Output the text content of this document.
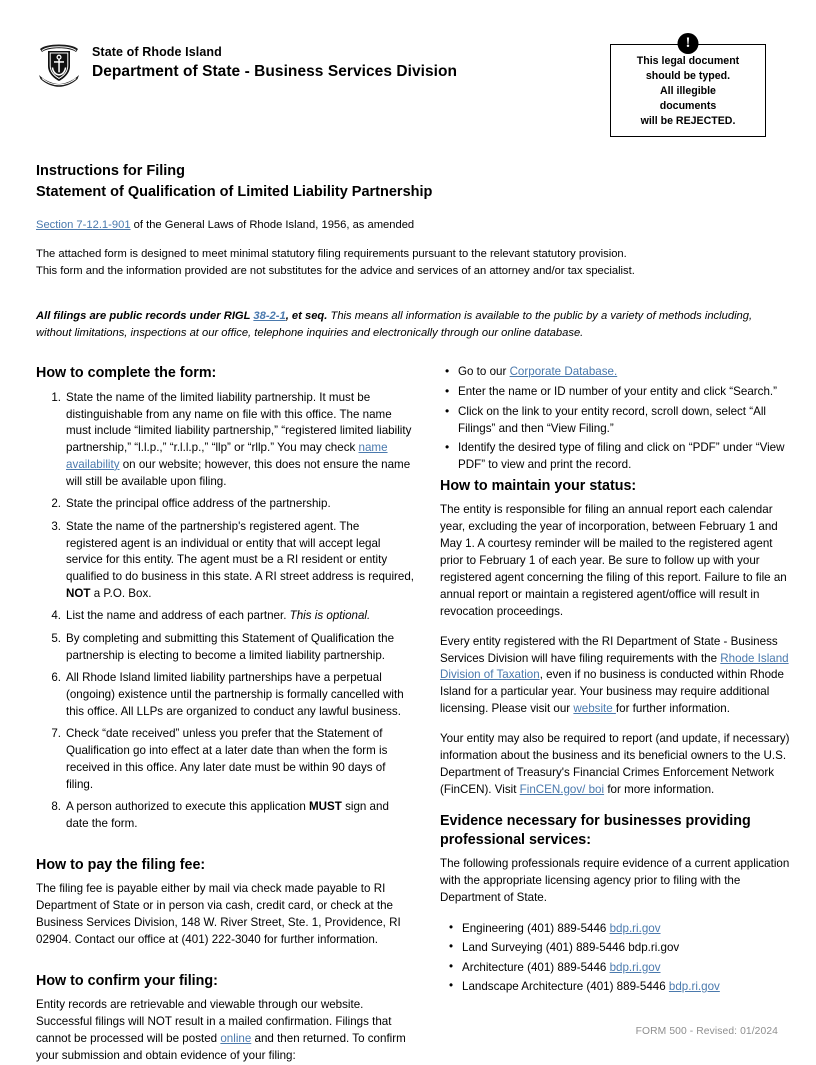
State of Rhode Island
Department of State - Business Services Division
!
This legal document
should be typed.
All illegible
documents
will be REJECTED.
Instructions for Filing
Statement of Qualification of Limited Liability Partnership
Section 7-12.1-901 of the General Laws of Rhode Island, 1956, as amended
The attached form is designed to meet minimal statutory filing requirements pursuant to the relevant statutory provision.
This form and the information provided are not substitutes for the advice and services of an attorney and/or tax specialist.
All filings are public records under RIGL 38-2-1, et seq. This means all information is available to the public by a variety of methods including, without limitations, inspections at our office, telephone inquiries and electronically through our online database.
How to complete the form:
1. State the name of the limited liability partnership. It must be distinguishable from any name on file with this office. The name must include “limited liability partnership,” “registered limited liability partnership,” “l.l.p.,” “r.l.l.p.,” “llp” or “rllp.” You may check name availability on our website; however, this does not ensure the name will still be available upon filing.
2. State the principal office address of the partnership.
3. State the name of the partnership's registered agent. The registered agent is an individual or entity that will accept legal service for this entity. The agent must be a RI resident or entity qualified to do business in this state. A RI street address is required, NOT a P.O. Box.
4. List the name and address of each partner. This is optional.
5. By completing and submitting this Statement of Qualification the partnership is electing to become a limited liability partnership.
6. All Rhode Island limited liability partnerships have a perpetual (ongoing) existence until the partnership is formally cancelled with this office. All LLPs are organized to conduct any lawful business.
7. Check “date received” unless you prefer that the Statement of Qualification go into effect at a later date than when the form is received in this office. Any later date must be within 90 days of filing.
8. A person authorized to execute this application MUST sign and date the form.
How to pay the filing fee:

The filing fee is payable either by mail via check made payable to RI Department of State or in person via cash, credit card, or check at the Business Services Division, 148 W. River Street, Ste. 1, Providence, RI 02904. Contact our office at (401) 222-3040 for further information.

How to confirm your filing:

Entity records are retrievable and viewable through our website. Successful filings will NOT result in a mailed confirmation. Filings that cannot be processed will be posted online and then returned. To confirm your submission and obtain evidence of your filing:

• Go to our Corporate Database.
• Enter the name or ID number of your entity and click “Search.”
• Click on the link to your entity record, scroll down, select “All Filings” and then “View Filing.”
• Identify the desired type of filing and click on “PDF” under “View PDF” to view and print the record.
How to maintain your status:

The entity is responsible for filing an annual report each calendar year, excluding the year of incorporation, between February 1 and May 1. A courtesy reminder will be mailed to the registered agent prior to February 1 of each year. Be sure to follow up with your registered agent concerning the filing of this report. Failure to file an annual report or maintain a registered agent/office will result in revocation proceedings.

Every entity registered with the RI Department of State - Business Services Division will have filing requirements with the Rhode Island Division of Taxation, even if no business is conducted within Rhode Island for a particular year. Your business may require additional licensing. Please visit our website for further information.

Your entity may also be required to report (and update, if necessary) information about the business and its beneficial owners to the U.S. Department of Treasury's Financial Crimes Enforcement Network (FinCEN). Visit FinCEN.gov/ boi for more information.

Evidence necessary for businesses providing
professional services:

The following professionals require evidence of a current application with the appropriate licensing agency prior to filing with the Department of State.

• Engineering (401) 889-5446 bdp.ri.gov
• Land Surveying (401) 889-5446 bdp.ri.gov
• Architecture (401) 889-5446 bdp.ri.gov
• Landscape Architecture (401) 889-5446 bdp.ri.gov
FORM 500 - Revised: 01/2024
